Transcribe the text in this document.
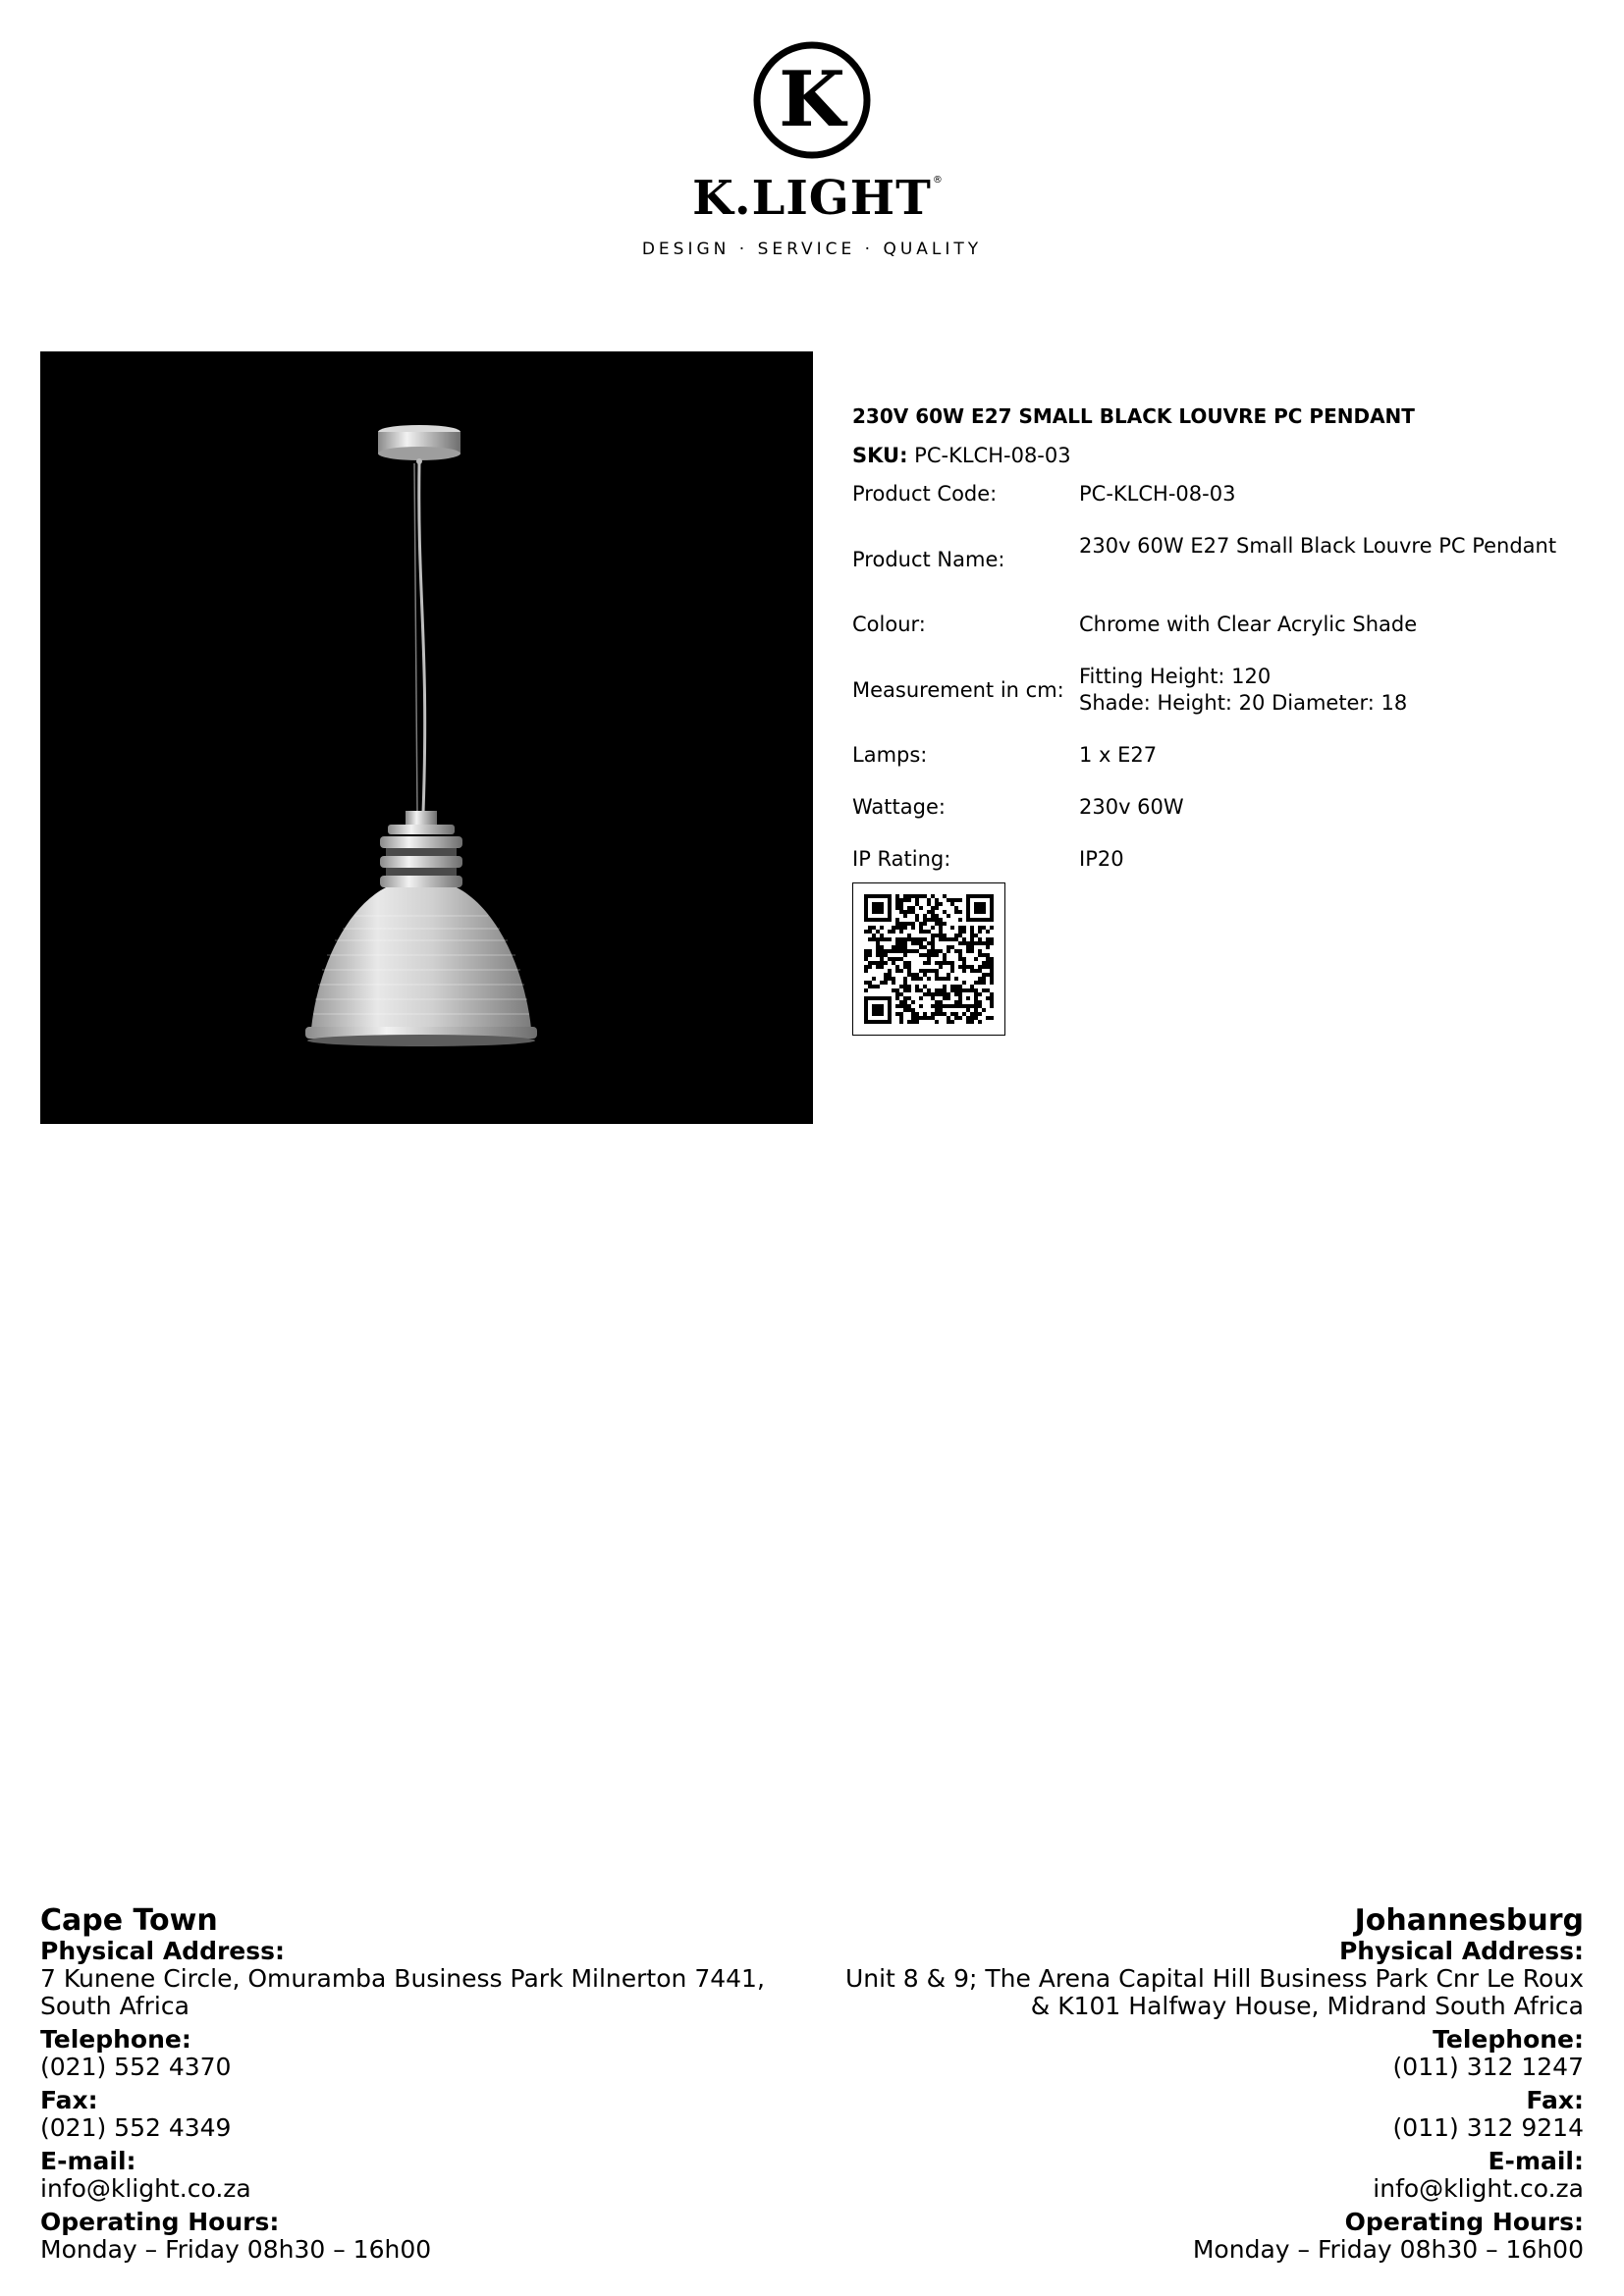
K
K.LIGHT ®
DESIGN · SERVICE · QUALITY
230V 60W E27 SMALL BLACK LOUVRE PC PENDANT
SKU: PC-KLCH-08-03
Product Code:	PC-KLCH-08-03
Product Name:
230v 60W E27 Small Black Louvre PC Pendant
Colour:	Chrome with Clear Acrylic Shade
Measurement in cm:
Fitting Height: 120
Shade: Height: 20 Diameter: 18
Lamps:	1 x E27
Wattage:	230v 60W
IP Rating:	IP20
Cape Town
Physical Address:
7 Kunene Circle, Omuramba Business Park Milnerton 7441,
South Africa
Telephone:
(021) 552 4370
Fax:
(021) 552 4349
E-mail:
info@klight.co.za
Operating Hours:
Monday – Friday 08h30 – 16h00
Johannesburg
Physical Address:
Unit 8 & 9; The Arena Capital Hill Business Park Cnr Le Roux
& K101 Halfway House, Midrand South Africa
Telephone:
(011) 312 1247
Fax:
(011) 312 9214
E-mail:
info@klight.co.za
Operating Hours:
Monday – Friday 08h30 – 16h00
